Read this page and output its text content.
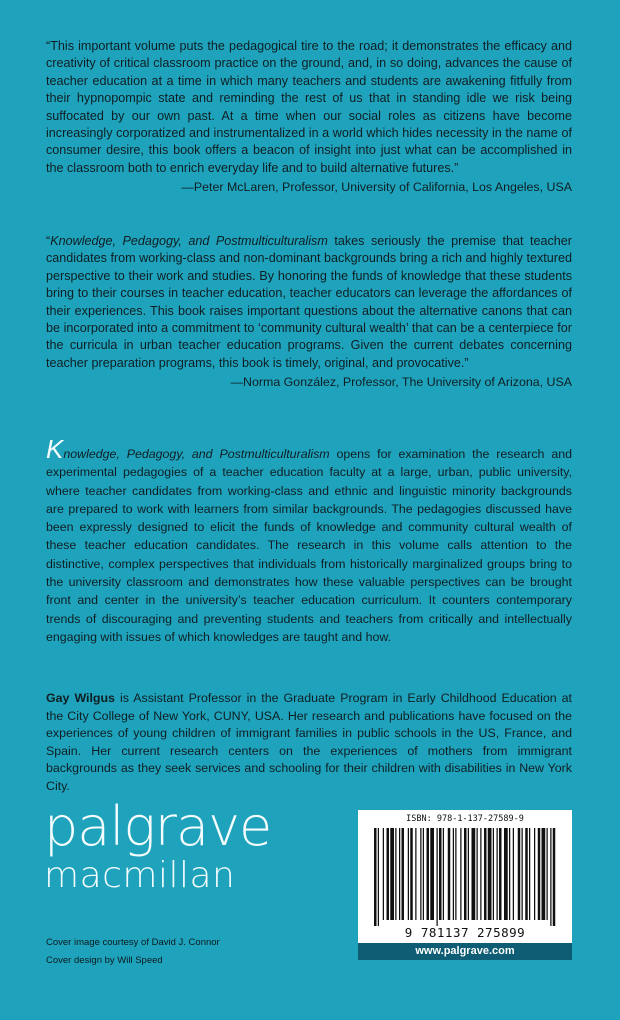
“This important volume puts the pedagogical tire to the road; it demonstrates the efficacy and creativity of critical classroom practice on the ground, and, in so doing, advances the cause of teacher education at a time in which many teachers and students are awakening fitfully from their hypnopompic state and reminding the rest of us that in standing idle we risk being suffocated by our own past. At a time when our social roles as citizens have become increasingly corporatized and instrumentalized in a world which hides necessity in the name of consumer desire, this book offers a beacon of insight into just what can be accomplished in the classroom both to enrich everyday life and to build alternative futures.”

—Peter McLaren, Professor, University of California, Los Angeles, USA

“Knowledge, Pedagogy, and Postmulticulturalism takes seriously the premise that teacher candidates from working-class and non-dominant backgrounds bring a rich and highly textured perspective to their work and studies. By honoring the funds of knowledge that these students bring to their courses in teacher education, teacher educators can leverage the affordances of their experiences. This book raises important questions about the alternative canons that can be incorporated into a commitment to ‘community cultural wealth’ that can be a centerpiece for the curricula in urban teacher education programs. Given the current debates concerning teacher preparation programs, this book is timely, original, and provocative.”

—Norma González, Professor, The University of Arizona, USA

Knowledge, Pedagogy, and Postmulticulturalism opens for examination the research and experimental pedagogies of a teacher education faculty at a large, urban, public university, where teacher candidates from working-class and ethnic and linguistic minority backgrounds are prepared to work with learners from similar backgrounds. The pedagogies discussed have been expressly designed to elicit the funds of knowledge and community cultural wealth of these teacher education candidates. The research in this volume calls attention to the distinctive, complex perspectives that individuals from historically marginalized groups bring to the university classroom and demonstrates how these valuable perspectives can be brought front and center in the university’s teacher education curriculum. It counters contemporary trends of discouraging and preventing students and teachers from critically and intellectually engaging with issues of which knowledges are taught and how.

Gay Wilgus is Assistant Professor in the Graduate Program in Early Childhood Education at the City College of New York, CUNY, USA. Her research and publications have focused on the experiences of young children of immigrant families in public schools in the US, France, and Spain. Her current research centers on the experiences of mothers from immigrant backgrounds as they seek services and schooling for their children with disabilities in New York City.

palgrave
macmillan
Cover image courtesy of David J. Connor
Cover design by Will Speed
ISBN: 978-1-137-27589-9
9 781137 275899
www.palgrave.com
